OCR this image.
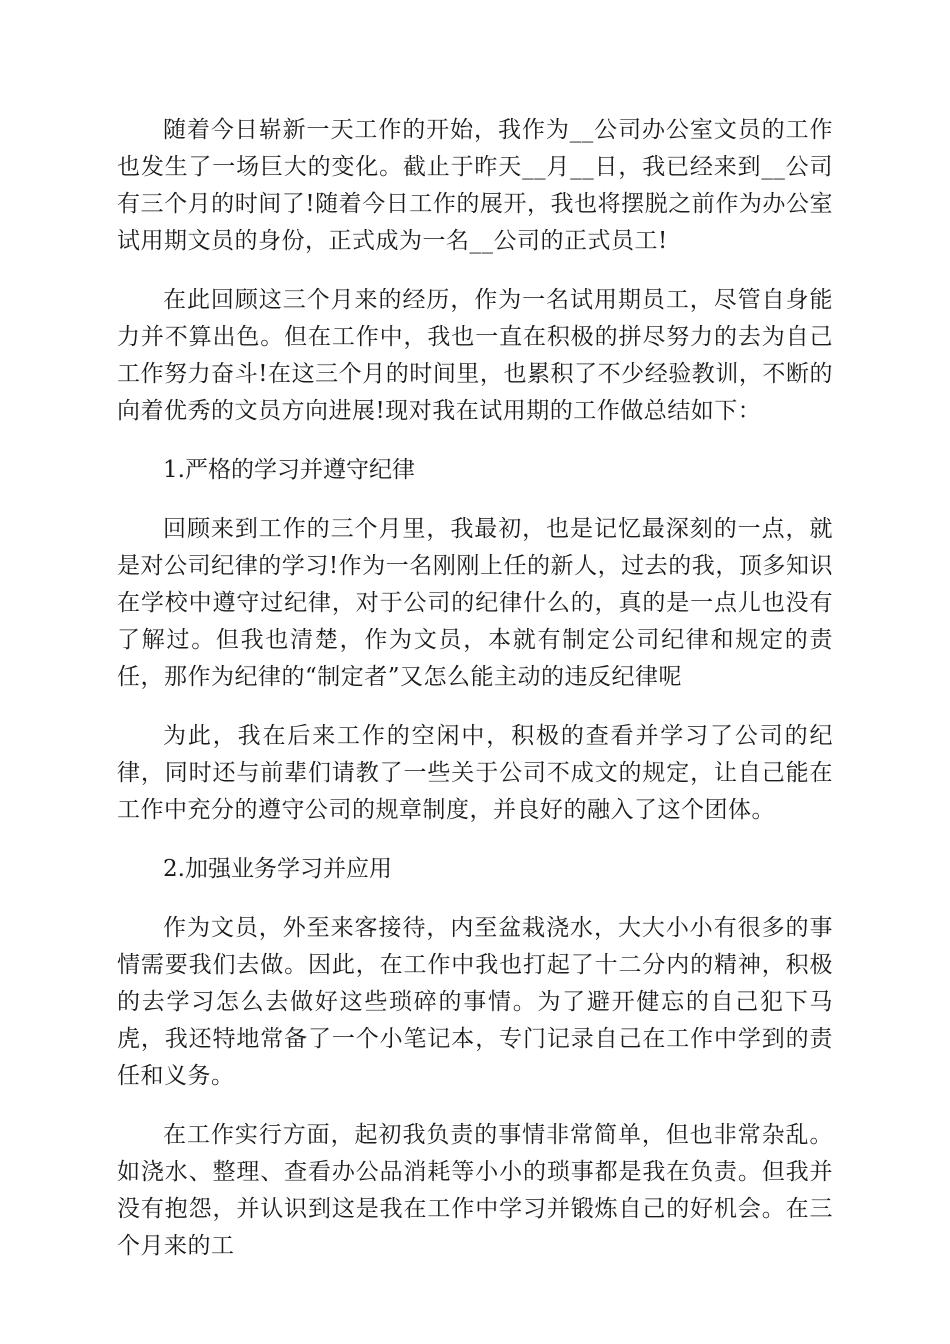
随着今日崭新一天工作的开始，我作为__公司办公室文员的工作也发生了一场巨大的变化。截止于昨天__月__日，我已经来到__公司有三个月的时间了!随着今日工作的展开，我也将摆脱之前作为办公室试用期文员的身份，正式成为一名__公司的正式员工!

在此回顾这三个月来的经历，作为一名试用期员工，尽管自身能力并不算出色。但在工作中，我也一直在积极的拼尽努力的去为自己工作努力奋斗!在这三个月的时间里，也累积了不少经验教训，不断的向着优秀的文员方向进展!现对我在试用期的工作做总结如下：

1.严格的学习并遵守纪律

回顾来到工作的三个月里，我最初，也是记忆最深刻的一点，就是对公司纪律的学习!作为一名刚刚上任的新人，过去的我，顶多知识在学校中遵守过纪律，对于公司的纪律什么的，真的是一点儿也没有了解过。但我也清楚，作为文员，本就有制定公司纪律和规定的责任，那作为纪律的“制定者”又怎么能主动的违反纪律呢

为此，我在后来工作的空闲中，积极的查看并学习了公司的纪律，同时还与前辈们请教了一些关于公司不成文的规定，让自己能在工作中充分的遵守公司的规章制度，并良好的融入了这个团体。

2.加强业务学习并应用

作为文员，外至来客接待，内至盆栽浇水，大大小小有很多的事情需要我们去做。因此，在工作中我也打起了十二分内的精神，积极的去学习怎么去做好这些琐碎的事情。为了避开健忘的自己犯下马虎，我还特地常备了一个小笔记本，专门记录自己在工作中学到的责任和义务。

在工作实行方面，起初我负责的事情非常简单，但也非常杂乱。如浇水、整理、查看办公品消耗等小小的琐事都是我在负责。但我并没有抱怨，并认识到这是我在工作中学习并锻炼自己的好机会。在三个月来的工
